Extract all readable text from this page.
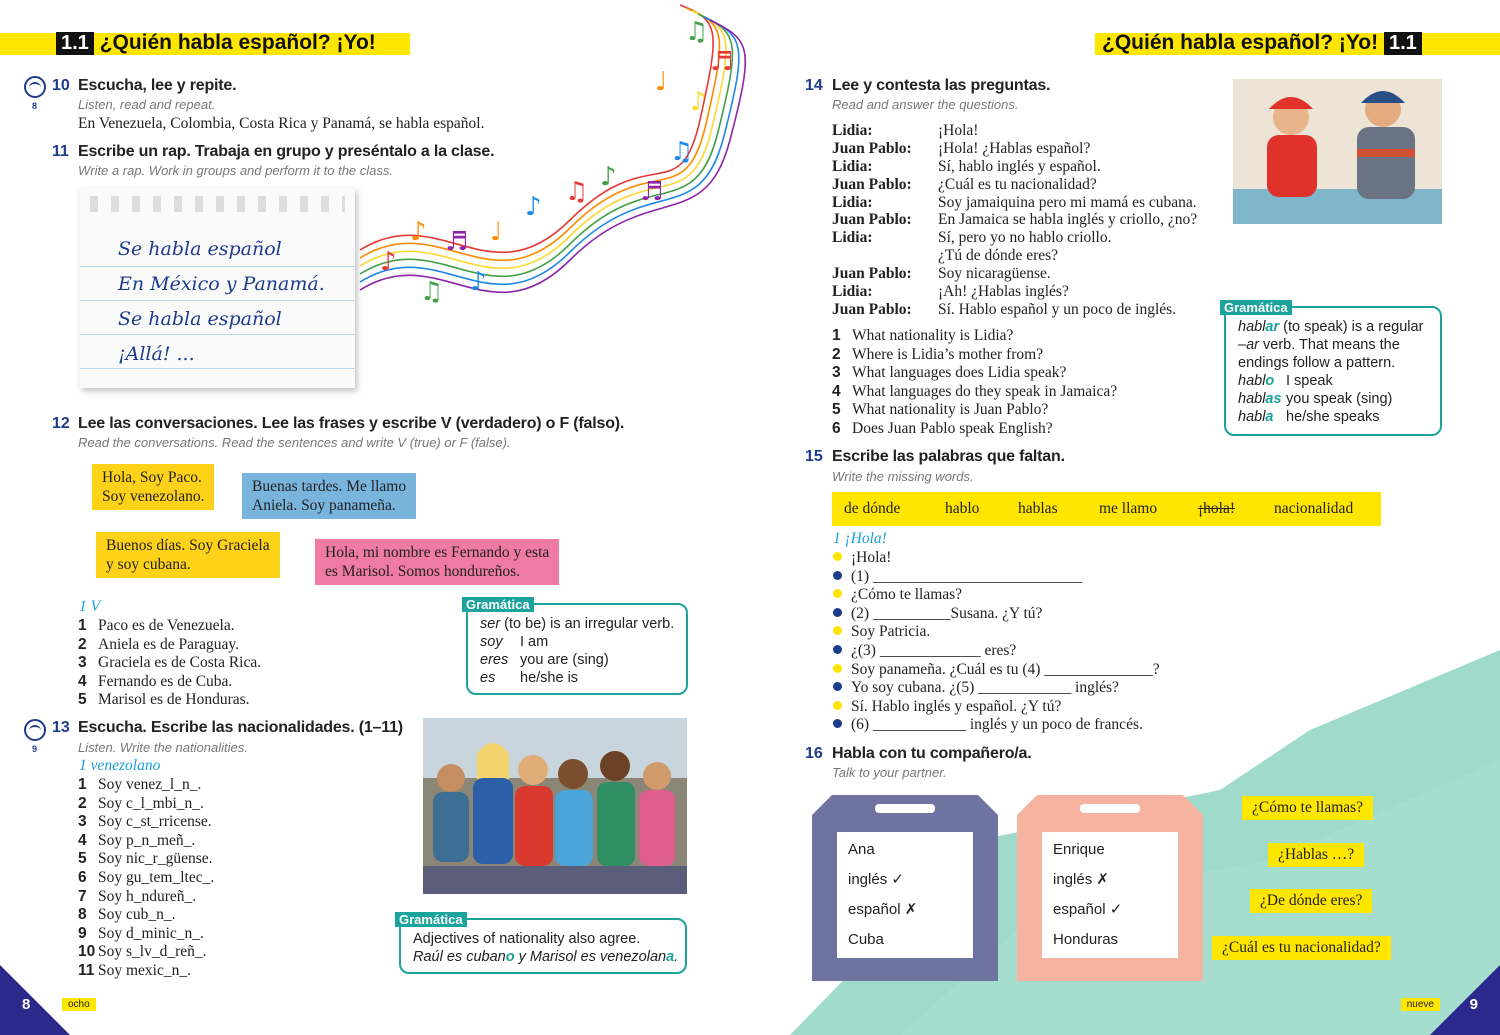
1.1 ¿Quién habla español? ¡Yo!
♪
♫
♬ ♩
♪ ♫ ♪ ♬
♫
♪
♬
♫
♩
♪
♪
8
10 Escucha, lee y repite.
Listen, read and repeat.
En Venezuela, Colombia, Costa Rica y Panamá, se habla español.
11 Escribe un rap. Trabaja en grupo y preséntalo a la clase.
Write a rap. Work in groups and perform it to the class.
Se habla español
En México y Panamá.
Se habla español
¡Allá! ...
12 Lee las conversaciones. Lee las frases y escribe V (verdadero) o F (falso).
Read the conversations. Read the sentences and write V (true) or F (false).
Hola, Soy Paco.
Soy venezolano.
Buenas tardes. Me llamo
Aniela. Soy panameña.
Buenos días. Soy Graciela
y soy cubana.
Hola, mi nombre es Fernando y esta
es Marisol. Somos hondureños.
1 V
1 Paco es de Venezuela.
2 Aniela es de Paraguay.
3 Graciela es de Costa Rica.
4 Fernando es de Cuba.
5 Marisol es de Honduras.
Gramática
ser (to be) is an irregular verb.
soy I am
eres you are (sing)
es he/she is
9
13 Escucha. Escribe las nacionalidades. (1–11)
Listen. Write the nationalities.
1 venezolano
1 Soy venez_l_n_.
2 Soy c_l_mbi_n_.
3 Soy c_st_rricense.
4 Soy p_n_meñ_.
5 Soy nic_r_güense.
6 Soy gu_tem_ltec_.
7 Soy h_ndureñ_.
8 Soy cub_n_.
9 Soy d_minic_n_.
10 Soy s_lv_d_reñ_.
11 Soy mexic_n_.
Gramática
Adjectives of nationality also agree.
Raúl es cubano y Marisol es venezolana.
8	ocho
¿Quién habla español? ¡Yo! 1.1
14 Lee y contesta las preguntas.
Read and answer the questions.
Lidia:	¡Hola!
Juan Pablo: ¡Hola! ¿Hablas español?
Lidia:	Sí, hablo inglés y español.
Juan Pablo: ¿Cuál es tu nacionalidad?
Lidia:	Soy jamaiquina pero mi mamá es cubana.
Juan Pablo: En Jamaica se habla inglés y criollo, ¿no?
Lidia:	Sí, pero yo no hablo criollo.
¿Tú de dónde eres?
Juan Pablo: Soy nicaragüense.
Lidia:	¡Ah! ¿Hablas inglés?
Juan Pablo: Sí. Hablo español y un poco de inglés.
1 What nationality is Lidia?
2 Where is Lidia’s mother from?
3 What languages does Lidia speak?
4 What languages do they speak in Jamaica?
5 What nationality is Juan Pablo?
6 Does Juan Pablo speak English?
Gramática
hablar (to speak) is a regular
–ar verb. That means the
endings follow a pattern.
hablo I speak
hablas you speak (sing)
habla he/she speaks
15 Escribe las palabras que faltan.
Write the missing words.
de dónde	hablo hablas	me llamo	¡hola!	nacionalidad
1 ¡Hola!
¡Hola!
(1) ___________________________
¿Cómo te llamas?
(2) __________Susana. ¿Y tú?
Soy Patricia.
¿(3) _____________ eres?
Soy panameña. ¿Cuál es tu (4) ______________?
Yo soy cubana. ¿(5) ____________ inglés?
Sí. Hablo inglés y español. ¿Y tú?
(6) ____________ inglés y un poco de francés.
16 Habla con tu compañero/a.
Talk to your partner.
Ana
inglés ✓
español ✗
Cuba
Enrique
inglés ✗
español ✓
Honduras
¿Cómo te llamas?
¿Hablas …?
¿De dónde eres?
¿Cuál es tu nacionalidad?
9
nueve
